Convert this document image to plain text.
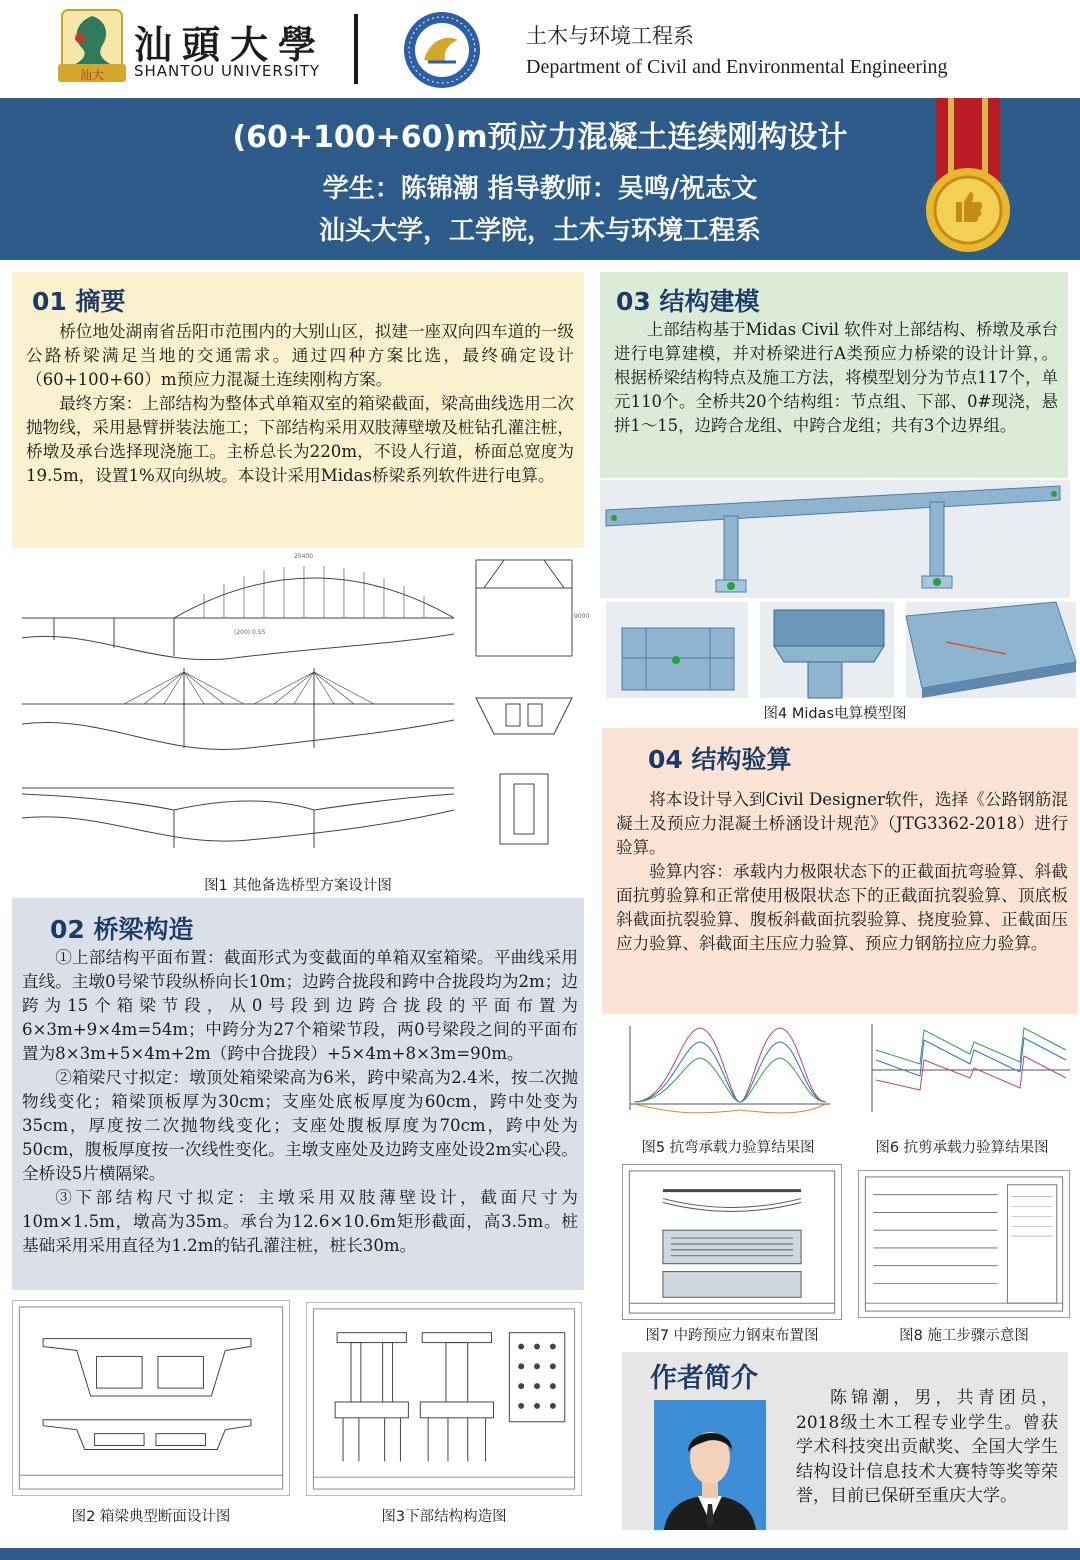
汕大
汕頭大學
SHANTOU UNIVERSITY
土木与环境工程系
Department of Civil and Environmental Engineering
(60+100+60)m预应力混凝土连续刚构设计
学生：陈锦潮 指导教师：吴鸣/祝志文
汕头大学，工学院，土木与环境工程系
01 摘要

桥位地处湖南省岳阳市范围内的大别山区，拟建一座双向四车道的一级公路桥梁满足当地的交通需求。通过四种方案比选，最终确定设计（60+100+60）m预应力混凝土连续刚构方案。

最终方案：上部结构为整体式单箱双室的箱梁截面，梁高曲线选用二次抛物线，采用悬臂拼装法施工；下部结构采用双肢薄壁墩及桩钻孔灌注桩，桥墩及承台选择现浇施工。主桥总长为220m，不设人行道，桥面总宽度为19.5m，设置1%双向纵坡。本设计采用Midas桥梁系列软件进行电算。

25400
9000
(200) 0.55
图1 其他备选桥型方案设计图
03 结构建模

上部结构基于Midas Civil 软件对上部结构、桥墩及承台进行电算建模，并对桥梁进行A类预应力桥梁的设计计算，。根据桥梁结构特点及施工方法，将模型划分为节点117个，单元110个。全桥共20个结构组：节点组、下部、0#现浇，悬拼1～15，边跨合龙组、中跨合龙组；共有3个边界组。

图4 Midas电算模型图
04 结构验算

将本设计导入到Civil Designer软件，选择《公路钢筋混凝土及预应力混凝土桥涵设计规范》（JTG3362-2018）进行验算。

验算内容：承载内力极限状态下的正截面抗弯验算、斜截面抗剪验算和正常使用极限状态下的正截面抗裂验算、顶底板斜截面抗裂验算、腹板斜截面抗裂验算、挠度验算、正截面压应力验算、斜截面主压应力验算、预应力钢筋拉应力验算。

图5 抗弯承载力验算结果图	图6 抗剪承载力验算结果图
图7 中跨预应力钢束布置图	图8 施工步骤示意图
02 桥梁构造

①上部结构平面布置：截面形式为变截面的单箱双室箱梁。平曲线采用直线。主墩0号梁节段纵桥向长10m；边跨合拢段和跨中合拢段均为2m；边跨为15个箱梁节段，从0号段到边跨合拢段的平面布置为6×3m+9×4m=54m；中跨分为27个箱梁节段，两0号梁段之间的平面布置为8×3m+5×4m+2m（跨中合拢段）+5×4m+8×3m=90m。

②箱梁尺寸拟定：墩顶处箱梁梁高为6米，跨中梁高为2.4米，按二次抛物线变化；箱梁顶板厚为30cm；支座处底板厚度为60cm，跨中处变为35cm，厚度按二次抛物线变化；支座处腹板厚度为70cm，跨中处为50cm，腹板厚度按一次线性变化。主墩支座处及边跨支座处设2m实心段。全桥设5片横隔梁。

③下部结构尺寸拟定：主墩采用双肢薄壁设计，截面尺寸为10m×1.5m，墩高为35m。承台为12.6×10.6m矩形截面，高3.5m。桩基础采用采用直径为1.2m的钻孔灌注桩，桩长30m。

图2 箱梁典型断面设计图	图3下部结构构造图
作者简介

陈锦潮，男，共青团员，2018级土木工程专业学生。曾获学术科技突出贡献奖、全国大学生结构设计信息技术大赛特等奖等荣誉，目前已保研至重庆大学。
